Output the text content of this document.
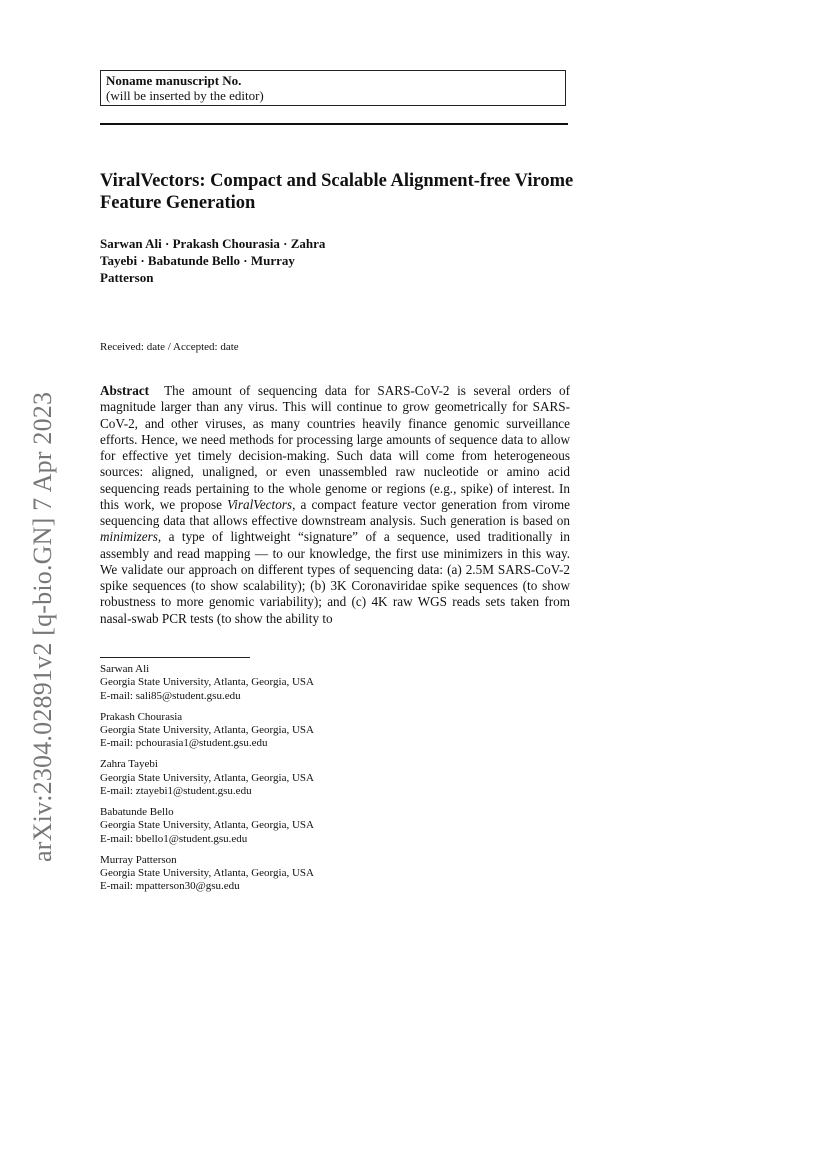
Noname manuscript No.
(will be inserted by the editor)
ViralVectors: Compact and Scalable Alignment-free Virome Feature Generation
Sarwan Ali · Prakash Chourasia · Zahra
Tayebi · Babatunde Bello · Murray
Patterson
Received: date / Accepted: date
Abstract The amount of sequencing data for SARS-CoV-2 is several orders of magnitude larger than any virus. This will continue to grow geometrically for SARS-CoV-2, and other viruses, as many countries heavily finance genomic surveillance efforts. Hence, we need methods for processing large amounts of sequence data to allow for effective yet timely decision-making. Such data will come from heterogeneous sources: aligned, unaligned, or even unassembled raw nucleotide or amino acid sequencing reads pertaining to the whole genome or regions (e.g., spike) of interest. In this work, we propose ViralVectors, a compact feature vector generation from virome sequencing data that allows effective downstream analysis. Such generation is based on minimizers, a type of lightweight “signature” of a sequence, used traditionally in assembly and read mapping — to our knowledge, the first use minimizers in this way. We validate our approach on different types of sequencing data: (a) 2.5M SARS-CoV-2 spike sequences (to show scalability); (b) 3K Coronaviridae spike sequences (to show robustness to more genomic variability); and (c) 4K raw WGS reads sets taken from nasal-swab PCR tests (to show the ability to
Sarwan Ali
Georgia State University, Atlanta, Georgia, USA
E-mail: sali85@student.gsu.edu
Prakash Chourasia
Georgia State University, Atlanta, Georgia, USA
E-mail: pchourasia1@student.gsu.edu
Zahra Tayebi
Georgia State University, Atlanta, Georgia, USA
E-mail: ztayebi1@student.gsu.edu
Babatunde Bello
Georgia State University, Atlanta, Georgia, USA
E-mail: bbello1@student.gsu.edu
Murray Patterson
Georgia State University, Atlanta, Georgia, USA
E-mail: mpatterson30@gsu.edu
arXiv:2304.02891v2 [q-bio.GN] 7 Apr 2023
